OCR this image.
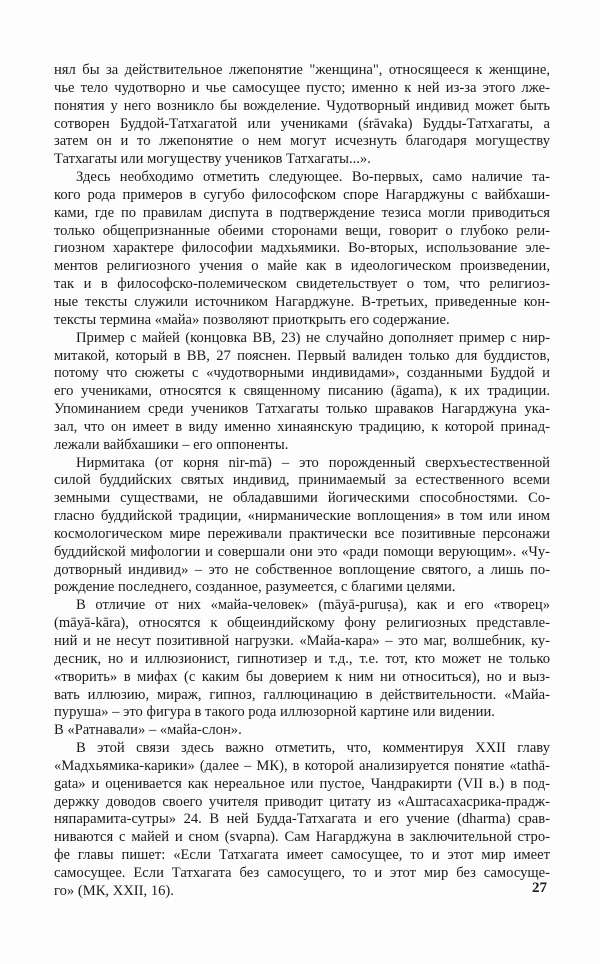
нял бы за действительное лжепонятие "женщина", относящееся к женщине,
чье тело чудотворно и чье самосущее пусто; именно к ней из-за этого лже-
понятия у него возникло бы вожделение. Чудотворный индивид может быть
сотворен Буддой-Татхагатой или учениками (śrāvaka) Будды-Татхагаты, а
затем он и то лжепонятие о нем могут исчезнуть благодаря могуществу
Татхагаты или могуществу учеников Татхагаты...».
Здесь необходимо отметить следующее. Во-первых, само наличие та-
кого рода примеров в сугубо философском споре Нагарджуны с вайбхаши-
ками, где по правилам диспута в подтверждение тезиса могли приводиться
только общепризнанные обеими сторонами вещи, говорит о глубоко рели-
гиозном характере философии мадхьямики. Во-вторых, использование эле-
ментов религиозного учения о майе как в идеологическом произведении,
так и в философско-полемическом свидетельствует о том, что религиоз-
ные тексты служили источником Нагарджуне. В-третьих, приведенные кон-
тексты термина «майа» позволяют приоткрыть его содержание.
Пример с майей (концовка ВВ, 23) не случайно дополняет пример с нир-
митакой, который в ВВ, 27 пояснен. Первый валиден только для буддистов,
потому что сюжеты с «чудотворными индивидами», созданными Буддой и
его учениками, относятся к священному писанию (āgama), к их традиции.
Упоминанием среди учеников Татхагаты только шраваков Нагарджуна ука-
зал, что он имеет в виду именно хинаянскую традицию, к которой принад-
лежали вайбхашики – его оппоненты.
Нирмитака (от корня nir-mā) – это порожденный сверхъестественной
силой буддийских святых индивид, принимаемый за естественного всеми
земными существами, не обладавшими йогическими способностями. Со-
гласно буддийской традиции, «нирманические воплощения» в том или ином
космологическом мире переживали практически все позитивные персонажи
буддийской мифологии и совершали они это «ради помощи верующим». «Чу-
дотворный индивид» – это не собственное воплощение святого, а лишь по-
рождение последнего, созданное, разумеется, с благими целями.
В отличие от них «майа-человек» (māyā-puruṣa), как и его «творец»
(māyā-kāra), относятся к общеиндийскому фону религиозных представле-
ний и не несут позитивной нагрузки. «Майа-кара» – это маг, волшебник, ку-
десник, но и иллюзионист, гипнотизер и т.д., т.е. тот, кто может не только
«творить» в мифах (с каким бы доверием к ним ни относиться), но и выз-
вать иллюзию, мираж, гипноз, галлюцинацию в действительности. «Майа-
пуруша» – это фигура в такого рода иллюзорной картине или видении.
В «Ратнавали» – «майа-слон».
В этой связи здесь важно отметить, что, комментируя XXII главу
«Мадхьямика-карики» (далее – МК), в которой анализируется понятие «tathā-
gata» и оценивается как нереальное или пустое, Чандракирти (VII в.) в под-
держку доводов своего учителя приводит цитату из «Аштасахасрика-прадж-
няпарамита-сутры» 24. В ней Будда-Татхагата и его учение (dharma) срав-
ниваются с майей и сном (svapna). Сам Нагарджуна в заключительной стро-
фе главы пишет: «Если Татхагата имеет самосущее, то и этот мир имеет
самосущее. Если Татхагата без самосущего, то и этот мир без самосуще-
го» (МК, XXII, 16).	27
